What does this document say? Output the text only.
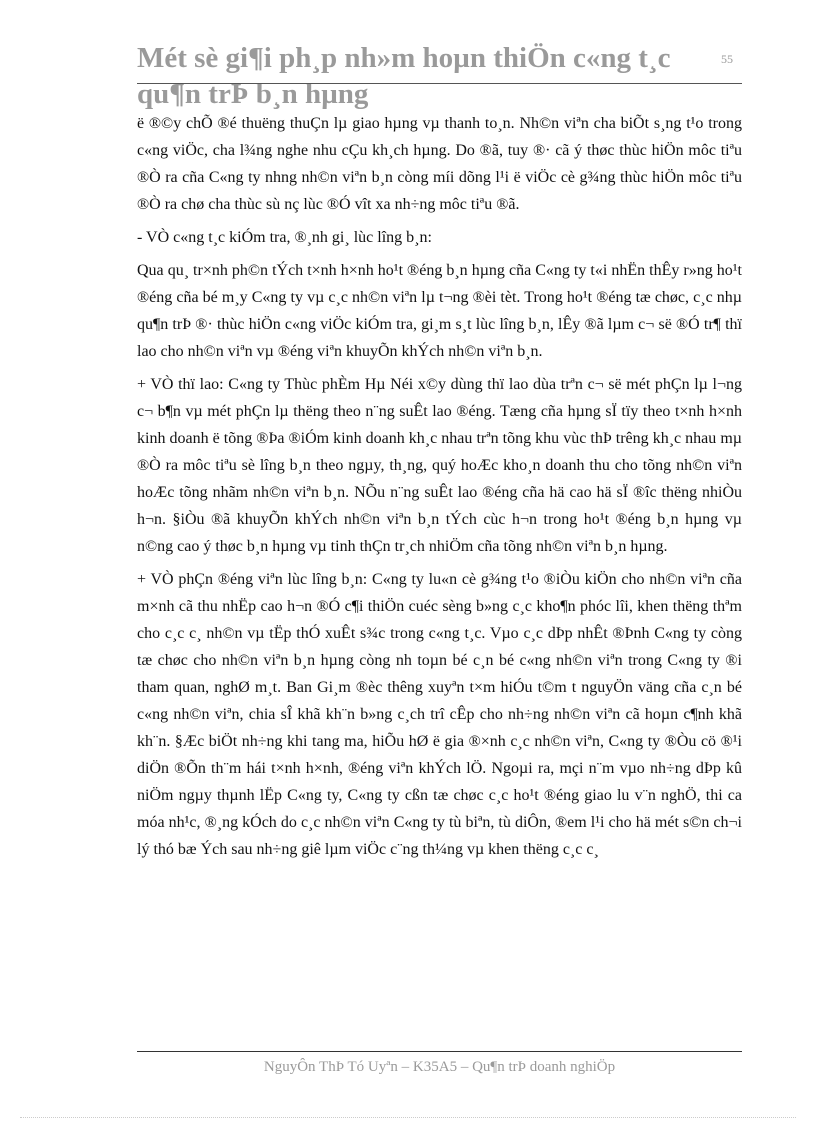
Mét sè gi¶i ph¸p nh»m hoµn thiÖn c«ng t¸c qu¶n trÞ b¸n hµng
55

ë ®©y chÕ ®é thuëng thuÇn lµ giao hµng vµ thanh to¸n. Nh©n viªn cha biÕt s¸ng t¹o trong c«ng viÖc, cha l¾ng nghe nhu cÇu kh¸ch hµng. Do ®ã, tuy ®· cã ý thøc thùc hiÖn môc tiªu ®Ò ra cña C«ng ty nhng nh©n viªn b¸n còng míi dõng l¹i ë viÖc cè g¾ng thùc hiÖn môc tiªu ®Ò ra chø cha thùc sù nç lùc ®Ó vît xa nh÷ng môc tiªu ®ã.

- VÒ c«ng t¸c kiÓm tra, ®¸nh gi¸ lùc lîng b¸n:

Qua qu¸ tr×nh ph©n tÝch t×nh h×nh ho¹t ®éng b¸n hµng cña C«ng ty t«i nhËn thÊy r»ng ho¹t ®éng cña bé m¸y C«ng ty vµ c¸c nh©n viªn lµ t¬ng ®èi tèt. Trong ho¹t ®éng tæ chøc, c¸c nhµ qu¶n trÞ ®· thùc hiÖn c«ng viÖc kiÓm tra, gi¸m s¸t lùc lîng b¸n, lÊy ®ã lµm c¬ së ®Ó tr¶ thï lao cho nh©n viªn vµ ®éng viªn khuyÕn khÝch nh©n viªn b¸n.

+ VÒ thï lao: C«ng ty Thùc phÈm Hµ Néi x©y dùng thï lao dùa trªn c¬ së mét phÇn lµ l¬ng c¬ b¶n vµ mét phÇn lµ thëng theo n¨ng suÊt lao ®éng. Tæng cña hµng sÏ tïy theo t×nh h×nh kinh doanh ë tõng ®Þa ®iÓm kinh doanh kh¸c nhau trªn tõng khu vùc thÞ trêng kh¸c nhau mµ ®Ò ra môc tiªu sè lîng b¸n theo ngµy, th¸ng, quý hoÆc kho¸n doanh thu cho tõng nh©n viªn hoÆc tõng nhãm nh©n viªn b¸n. NÕu n¨ng suÊt lao ®éng cña hä cao hä sÏ ®îc thëng nhiÒu h¬n. §iÒu ®ã khuyÕn khÝch nh©n viªn b¸n tÝch cùc h¬n trong ho¹t ®éng b¸n hµng vµ n©ng cao ý thøc b¸n hµng vµ tinh thÇn tr¸ch nhiÖm cña tõng nh©n viªn b¸n hµng.

+ VÒ phÇn ®éng viªn lùc lîng b¸n: C«ng ty lu«n cè g¾ng t¹o ®iÒu kiÖn cho nh©n viªn cña m×nh cã thu nhËp cao h¬n ®Ó c¶i thiÖn cuéc sèng b»ng c¸c kho¶n phóc lîi, khen thëng thªm cho c¸c c¸ nh©n vµ tËp thÓ xuÊt s¾c trong c«ng t¸c. Vµo c¸c dÞp nhÊt ®Þnh C«ng ty còng tæ chøc cho nh©n viªn b¸n hµng còng nh toµn bé c¸n bé c«ng nh©n viªn trong C«ng ty ®i tham quan, nghØ m¸t. Ban Gi¸m ®èc thêng xuyªn t×m hiÓu t©m t nguyÖn väng cña c¸n bé c«ng nh©n viªn, chia sÎ khã kh¨n b»ng c¸ch trî cÊp cho nh÷ng nh©n viªn cã hoµn c¶nh khã kh¨n. §Æc biÖt nh÷ng khi tang ma, hiÕu hØ ë gia ®×nh c¸c nh©n viªn, C«ng ty ®Òu cö ®¹i diÖn ®Õn th¨m hái t×nh h×nh, ®éng viªn khÝch lÖ. Ngoµi ra, mçi n¨m vµo nh÷ng dÞp kû niÖm ngµy thµnh lËp C«ng ty, C«ng ty cßn tæ chøc c¸c ho¹t ®éng giao lu v¨n nghÖ, thi ca móa nh¹c, ®¸ng kÓch do c¸c nh©n viªn C«ng ty tù biªn, tù diÔn, ®em l¹i cho hä mét s©n ch¬i lý thó bæ Ých sau nh÷ng giê lµm viÖc c¨ng th¼ng vµ khen thëng c¸c c¸

NguyÔn ThÞ Tó Uyªn – K35A5 – Qu¶n trÞ doanh nghiÖp
